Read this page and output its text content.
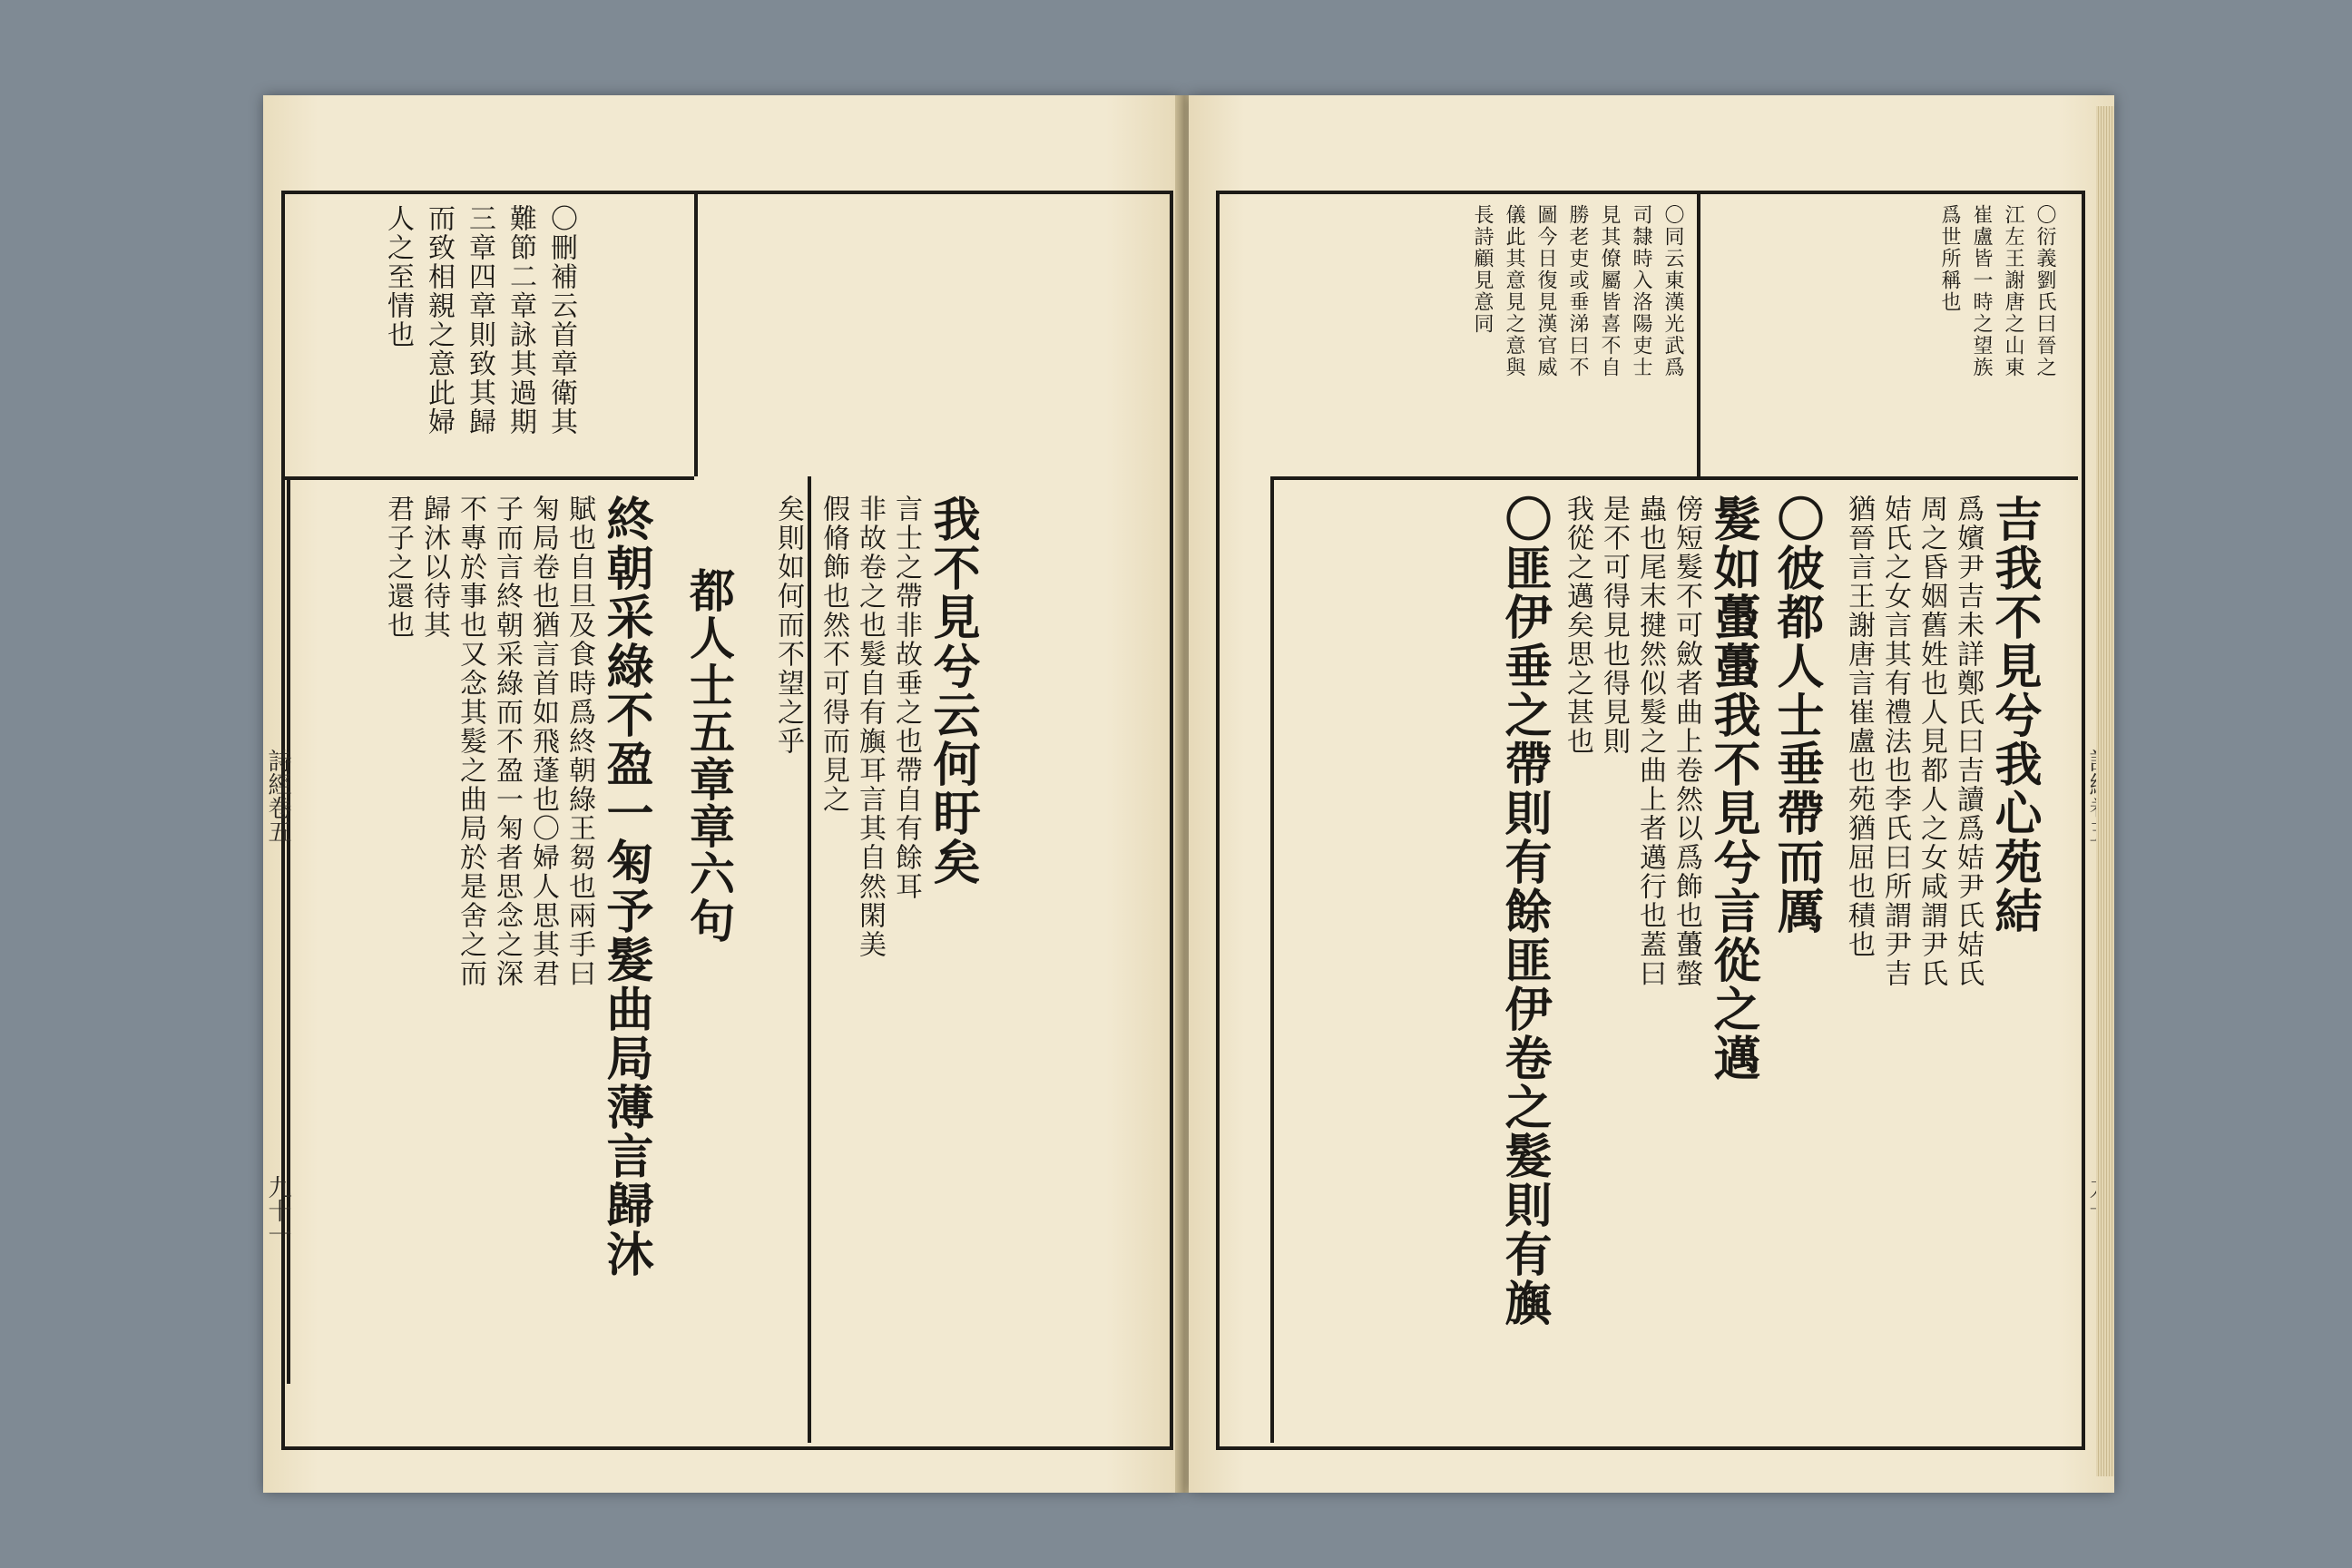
〇刪補云首章衛其
難節二章詠其過期
三章四章則致其歸
而致相親之意此婦
人之至情也
我不見兮云何盱矣
言士之帶非故垂之也帶自有餘耳
非故卷之也髮自有旟耳言其自然閑美
假脩飾也然不可得而見之
矣則如何而不望之乎
都人士五章章六句
終朝采綠不盈一匊予髮曲局薄言歸沐
賦也自旦及食時爲終朝綠王芻也兩手曰
匊局卷也猶言首如飛蓬也〇婦人思其君
子而言終朝采綠而不盈一匊者思念之深
不專於事也又念其髮之曲局於是舍之而
歸沐以待其
君子之還也
詩經卷五
九十一
〇衍義劉氏曰晉之
江左王謝唐之山東
崔盧皆一時之望族
爲世所稱也
〇同云東漢光武爲
司隸時入洛陽吏士
見其僚屬皆喜不自
勝老吏或垂涕曰不
圖今日復見漢官威
儀此其意見之意與
長詩顧見意同
吉我不見兮我心苑結
爲嬪尹吉未詳鄭氏曰吉讀爲姞尹氏姞氏
周之昏姻舊姓也人見都人之女咸謂尹氏
姞氏之女言其有禮法也李氏曰所謂尹吉
猶晉言王謝唐言崔盧也苑猶屈也積也
〇彼都人士垂帶而厲
髮如蠆蠆我不見兮言從之邁
傍短髮不可斂者曲上卷然以爲飾也蠆螫
蟲也尾末揵然似髮之曲上者邁行也蓋曰
是不可得見也得見則
我從之邁矣思之甚也
〇匪伊垂之帶則有餘匪伊卷之髮則有旟
